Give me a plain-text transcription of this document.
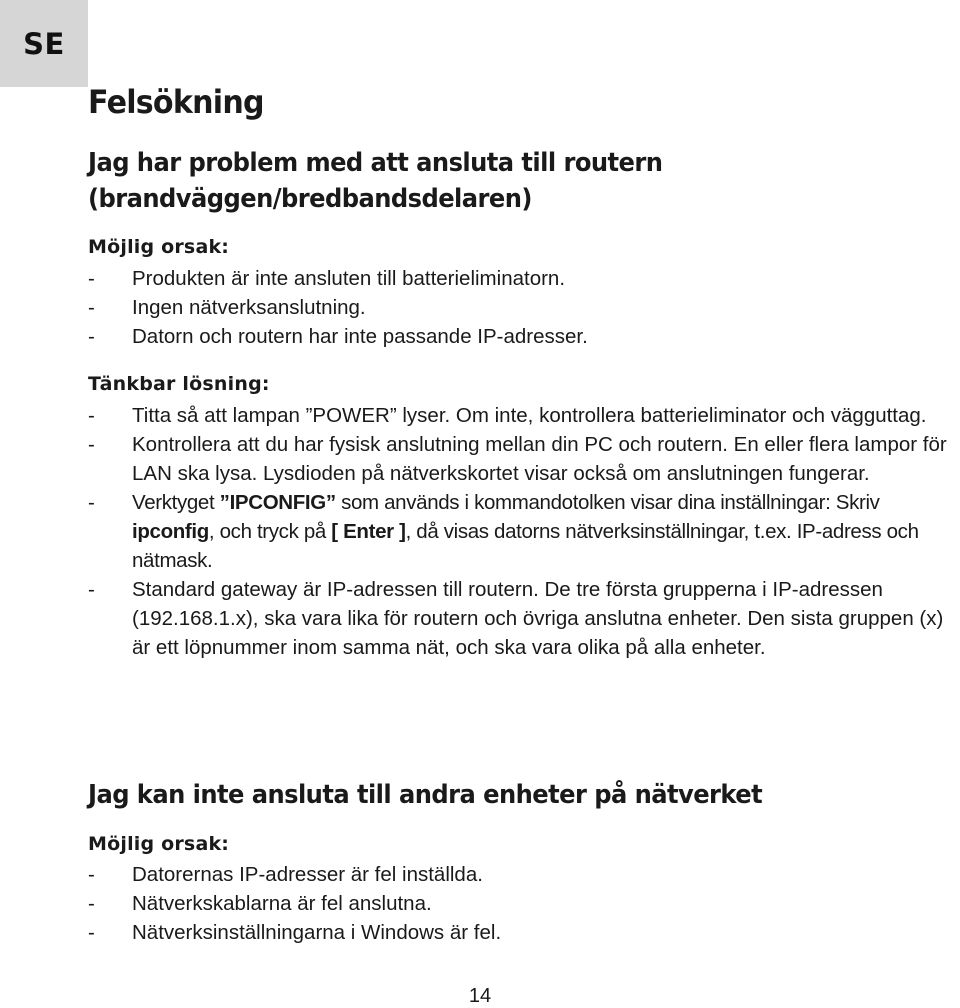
SE
Felsökning
Jag har problem med att ansluta till routern
(brandväggen/bredbandsdelaren)

Möjlig orsak:

- Produkten är inte ansluten till batterieliminatorn.
- Ingen nätverksanslutning.
- Datorn och routern har inte passande IP-adresser.

Tänkbar lösning:

- Titta så att lampan ”POWER” lyser. Om inte, kontrollera batterieliminator och vägguttag.
- Kontrollera att du har fysisk anslutning mellan din PC och routern. En eller flera lampor för LAN ska lysa. Lysdioden på nätverkskortet visar också om anslutningen fungerar.
- Verktyget ”IPCONFIG” som används i kommandotolken visar dina inställningar: Skriv ipconfig, och tryck på [ Enter ], då visas datorns nätverksinställningar, t.ex. IP-adress och nätmask.
- Standard gateway är IP-adressen till routern. De tre första grupperna i IP-adressen (192.168.1.x), ska vara lika för routern och övriga anslutna enheter. Den sista gruppen (x) är ett löpnummer inom samma nät, och ska vara olika på alla enheter.
Jag kan inte ansluta till andra enheter på nätverket

Möjlig orsak:

- Datorernas IP-adresser är fel inställda.
- Nätverkskablarna är fel anslutna.
- Nätverksinställningarna i Windows är fel.
14
